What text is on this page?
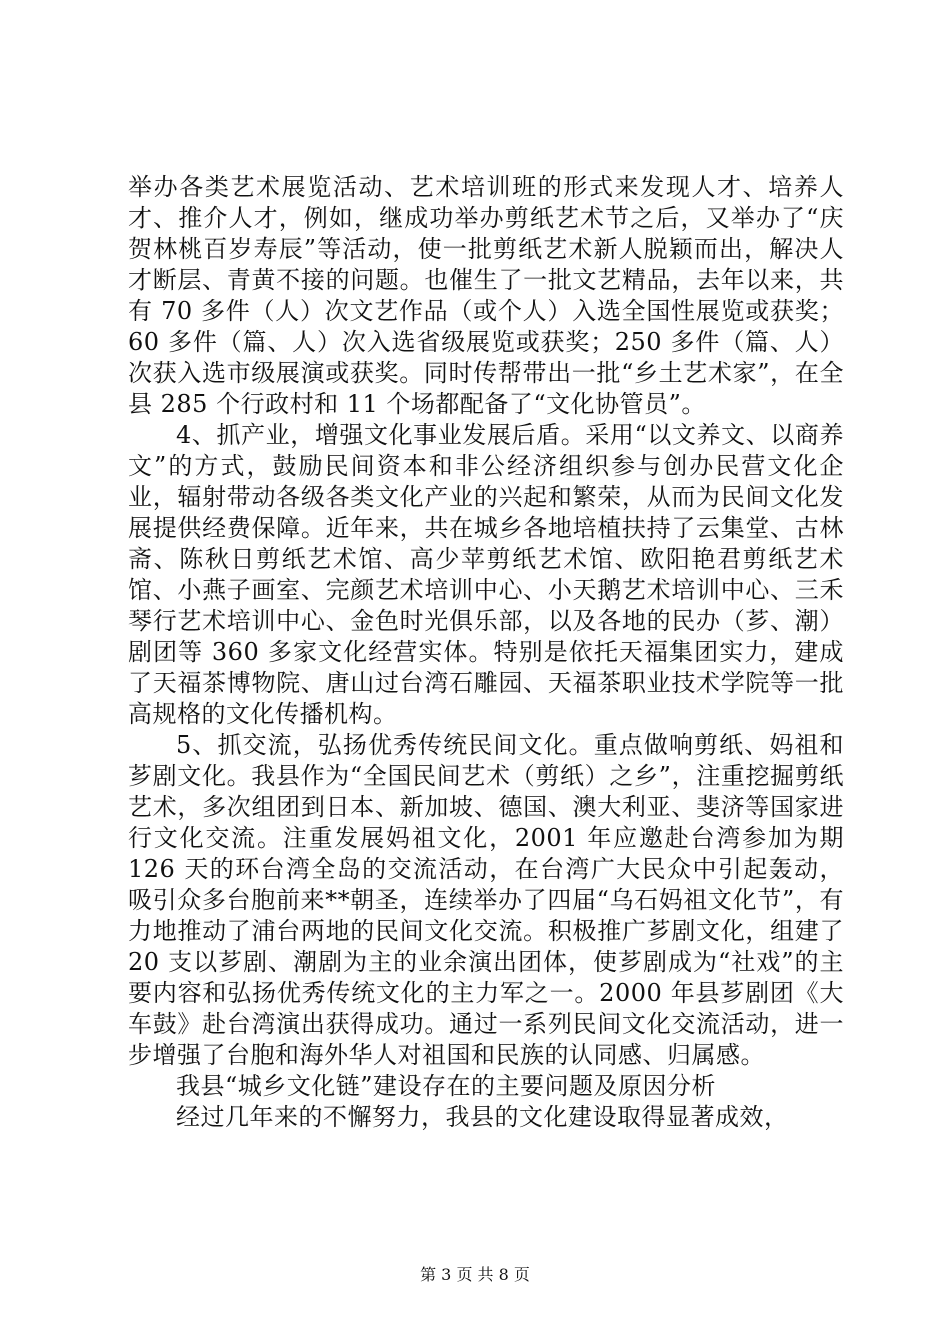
举办各类艺术展览活动、艺术培训班的形式来发现人才、培养人才、推介人才，例如，继成功举办剪纸艺术节之后，又举办了“庆贺林桃百岁寿辰”等活动，使一批剪纸艺术新人脱颖而出，解决人才断层、青黄不接的问题。也催生了一批文艺精品，去年以来，共有 70 多件（人）次文艺作品（或个人）入选全国性展览或获奖；60 多件（篇、人）次入选省级展览或获奖；250 多件（篇、人）次获入选市级展演或获奖。同时传帮带出一批“乡土艺术家”，在全县 285 个行政村和 11 个场都配备了“文化协管员”。

4、抓产业，增强文化事业发展后盾。采用“以文养文、以商养文”的方式，鼓励民间资本和非公经济组织参与创办民营文化企业，辐射带动各级各类文化产业的兴起和繁荣，从而为民间文化发展提供经费保障。近年来，共在城乡各地培植扶持了云集堂、古林斋、陈秋日剪纸艺术馆、高少苹剪纸艺术馆、欧阳艳君剪纸艺术馆、小燕子画室、完颜艺术培训中心、小天鹅艺术培训中心、三禾琴行艺术培训中心、金色时光俱乐部，以及各地的民办（芗、潮）剧团等 360 多家文化经营实体。特别是依托天福集团实力，建成了天福茶博物院、唐山过台湾石雕园、天福茶职业技术学院等一批高规格的文化传播机构。

5、抓交流，弘扬优秀传统民间文化。重点做响剪纸、妈祖和芗剧文化。我县作为“全国民间艺术（剪纸）之乡”，注重挖掘剪纸艺术，多次组团到日本、新加坡、德国、澳大利亚、斐济等国家进行文化交流。注重发展妈祖文化，2001 年应邀赴台湾参加为期 126 天的环台湾全岛的交流活动，在台湾广大民众中引起轰动，吸引众多台胞前来**朝圣，连续举办了四届“乌石妈祖文化节”，有力地推动了浦台两地的民间文化交流。积极推广芗剧文化，组建了 20 支以芗剧、潮剧为主的业余演出团体，使芗剧成为“社戏”的主要内容和弘扬优秀传统文化的主力军之一。2000 年县芗剧团《大车鼓》赴台湾演出获得成功。通过一系列民间文化交流活动，进一步增强了台胞和海外华人对祖国和民族的认同感、归属感。

我县“城乡文化链”建设存在的主要问题及原因分析

经过几年来的不懈努力，我县的文化建设取得显著成效，

第 3 页 共 8 页
